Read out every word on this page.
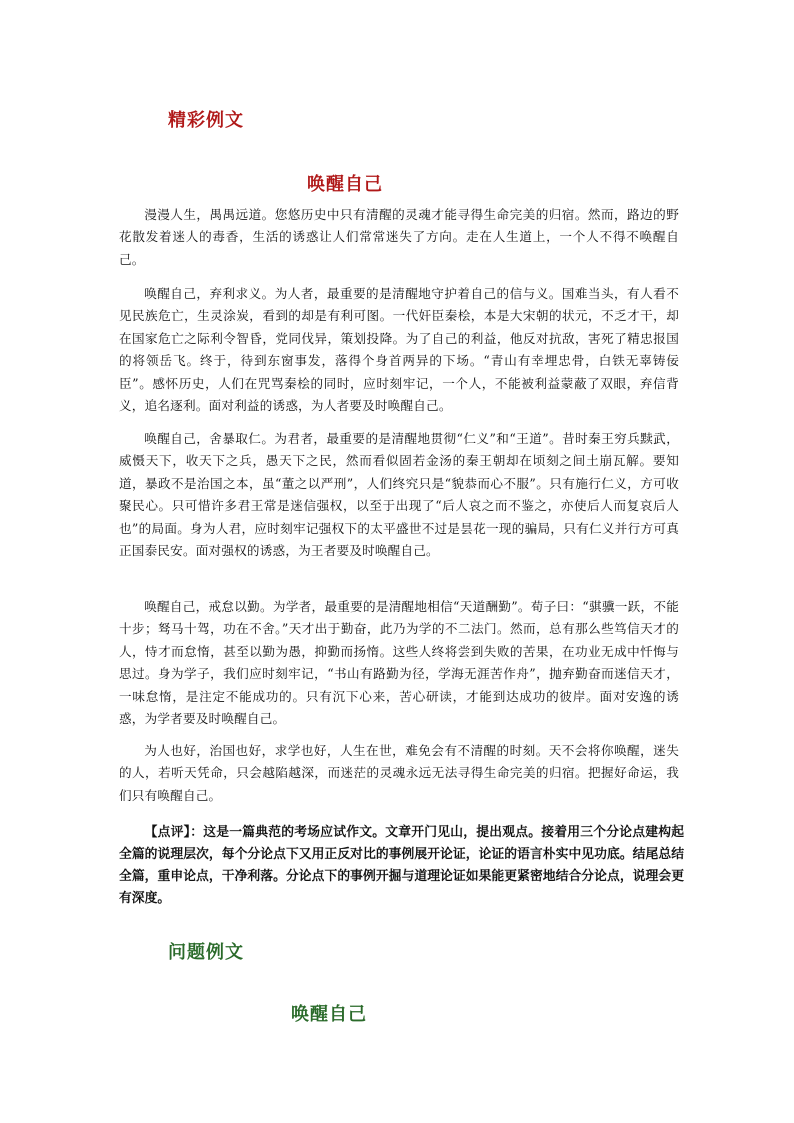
精彩例文
唤醒自己

漫漫人生，禺禺远道。您悠历史中只有清醒的灵魂才能寻得生命完美的归宿。然而，路边的野花散发着迷人的毒香，生活的诱惑让人们常常迷失了方向。走在人生道上，一个人不得不唤醒自己。

唤醒自己，弃利求义。为人者，最重要的是清醒地守护着自己的信与义。国难当头，有人看不见民族危亡，生灵涂炭，看到的却是有利可图。一代奸臣秦桧，本是大宋朝的状元，不乏才干，却在国家危亡之际利令智昏，党同伐异，策划投降。为了自己的利益，他反对抗敌，害死了精忠报国的将领岳飞。终于，待到东窗事发，落得个身首两异的下场。“青山有幸埋忠骨，白铁无辜铸佞臣”。感怀历史，人们在咒骂秦桧的同时，应时刻牢记，一个人，不能被利益蒙蔽了双眼，弃信背义，追名逐利。面对利益的诱惑，为人者要及时唤醒自己。

唤醒自己，舍暴取仁。为君者，最重要的是清醒地贯彻“仁义”和“王道”。昔时秦王穷兵黩武，威慑天下，收天下之兵，愚天下之民，然而看似固若金汤的秦王朝却在顷刻之间土崩瓦解。要知道，暴政不是治国之本，虽“董之以严刑”，人们终究只是“貌恭而心不服”。只有施行仁义，方可收聚民心。只可惜许多君王常是迷信强权，以至于出现了“后人哀之而不鉴之，亦使后人而复哀后人也”的局面。身为人君，应时刻牢记强权下的太平盛世不过是昙花一现的骗局，只有仁义并行方可真正国泰民安。面对强权的诱惑，为王者要及时唤醒自己。

唤醒自己，戒怠以勤。为学者，最重要的是清醒地相信“天道酬勤”。荀子曰：“骐骥一跃，不能十步；驽马十驾，功在不舍。”天才出于勤奋，此乃为学的不二法门。然而，总有那么些笃信天才的人，恃才而怠惰，甚至以勤为愚，抑勤而扬惰。这些人终将尝到失败的苦果，在功业无成中忏悔与思过。身为学子，我们应时刻牢记，“书山有路勤为径，学海无涯苦作舟”，抛弃勤奋而迷信天才，一味怠惰，是注定不能成功的。只有沉下心来，苦心研读，才能到达成功的彼岸。面对安逸的诱惑，为学者要及时唤醒自己。

为人也好，治国也好，求学也好，人生在世，难免会有不清醒的时刻。天不会将你唤醒，迷失的人，若听天凭命，只会越陷越深，而迷茫的灵魂永远无法寻得生命完美的归宿。把握好命运，我们只有唤醒自己。

【点评】：这是一篇典范的考场应试作文。文章开门见山，提出观点。接着用三个分论点建构起全篇的说理层次，每个分论点下又用正反对比的事例展开论证，论证的语言朴实中见功底。结尾总结全篇，重申论点，干净利落。分论点下的事例开掘与道理论证如果能更紧密地结合分论点，说理会更有深度。

问题例文
唤醒自己
